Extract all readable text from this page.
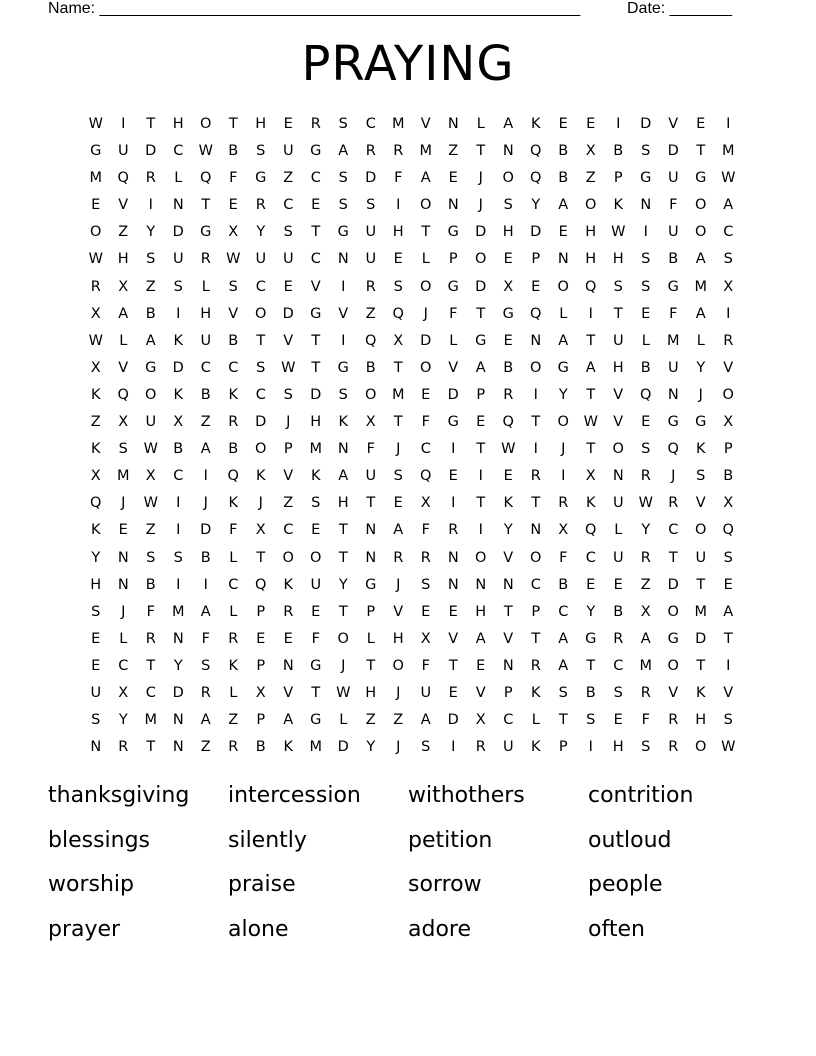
Name: ______________________________________________________	Date: _______
PRAYING
W	I	T	H	O	T	H	E	R	S	C	M	V	N	L	A	K	E	E	I	D	V	E	I
G	U	D	C	W	B	S	U	G	A	R	R	M	Z	T	N	Q	B	X	B	S	D	T	M
M	Q	R	L	Q	F	G	Z	C	S	D	F	A	E	J	O	Q	B	Z	P	G	U	G	W
E	V	I	N	T	E	R	C	E	S	S	I	O	N	J	S	Y	A	O	K	N	F	O	A
O	Z	Y	D	G	X	Y	S	T	G	U	H	T	G	D	H	D	E	H	W	I	U	O	C
W	H	S	U	R	W	U	U	C	N	U	E	L	P	O	E	P	N	H	H	S	B	A	S
R	X	Z	S	L	S	C	E	V	I	R	S	O	G	D	X	E	O	Q	S	S	G	M	X
X	A	B	I	H	V	O	D	G	V	Z	Q	J	F	T	G	Q	L	I	T	E	F	A	I
W	L	A	K	U	B	T	V	T	I	Q	X	D	L	G	E	N	A	T	U	L	M	L	R
X	V	G	D	C	C	S	W	T	G	B	T	O	V	A	B	O	G	A	H	B	U	Y	V
K	Q	O	K	B	K	C	S	D	S	O	M	E	D	P	R	I	Y	T	V	Q	N	J	O
Z	X	U	X	Z	R	D	J	H	K	X	T	F	G	E	Q	T	O	W	V	E	G	G	X
K	S	W	B	A	B	O	P	M	N	F	J	C	I	T	W	I	J	T	O	S	Q	K	P
X	M	X	C	I	Q	K	V	K	A	U	S	Q	E	I	E	R	I	X	N	R	J	S	B
Q	J	W	I	J	K	J	Z	S	H	T	E	X	I	T	K	T	R	K	U	W	R	V	X
K	E	Z	I	D	F	X	C	E	T	N	A	F	R	I	Y	N	X	Q	L	Y	C	O	Q
Y	N	S	S	B	L	T	O	O	T	N	R	R	N	O	V	O	F	C	U	R	T	U	S
H	N	B	I	I	C	Q	K	U	Y	G	J	S	N	N	N	C	B	E	E	Z	D	T	E
S	J	F	M	A	L	P	R	E	T	P	V	E	E	H	T	P	C	Y	B	X	O	M	A
E	L	R	N	F	R	E	E	F	O	L	H	X	V	A	V	T	A	G	R	A	G	D	T
E	C	T	Y	S	K	P	N	G	J	T	O	F	T	E	N	R	A	T	C	M	O	T	I
U	X	C	D	R	L	X	V	T	W	H	J	U	E	V	P	K	S	B	S	R	V	K	V
S	Y	M	N	A	Z	P	A	G	L	Z	Z	A	D	X	C	L	T	S	E	F	R	H	S
N	R	T	N	Z	R	B	K	M	D	Y	J	S	I	R	U	K	P	I	H	S	R	O	W
thanksgiving	intercession	withothers	contrition
blessings	silently	petition	outloud
worship	praise	sorrow	people
prayer	alone	adore	often
